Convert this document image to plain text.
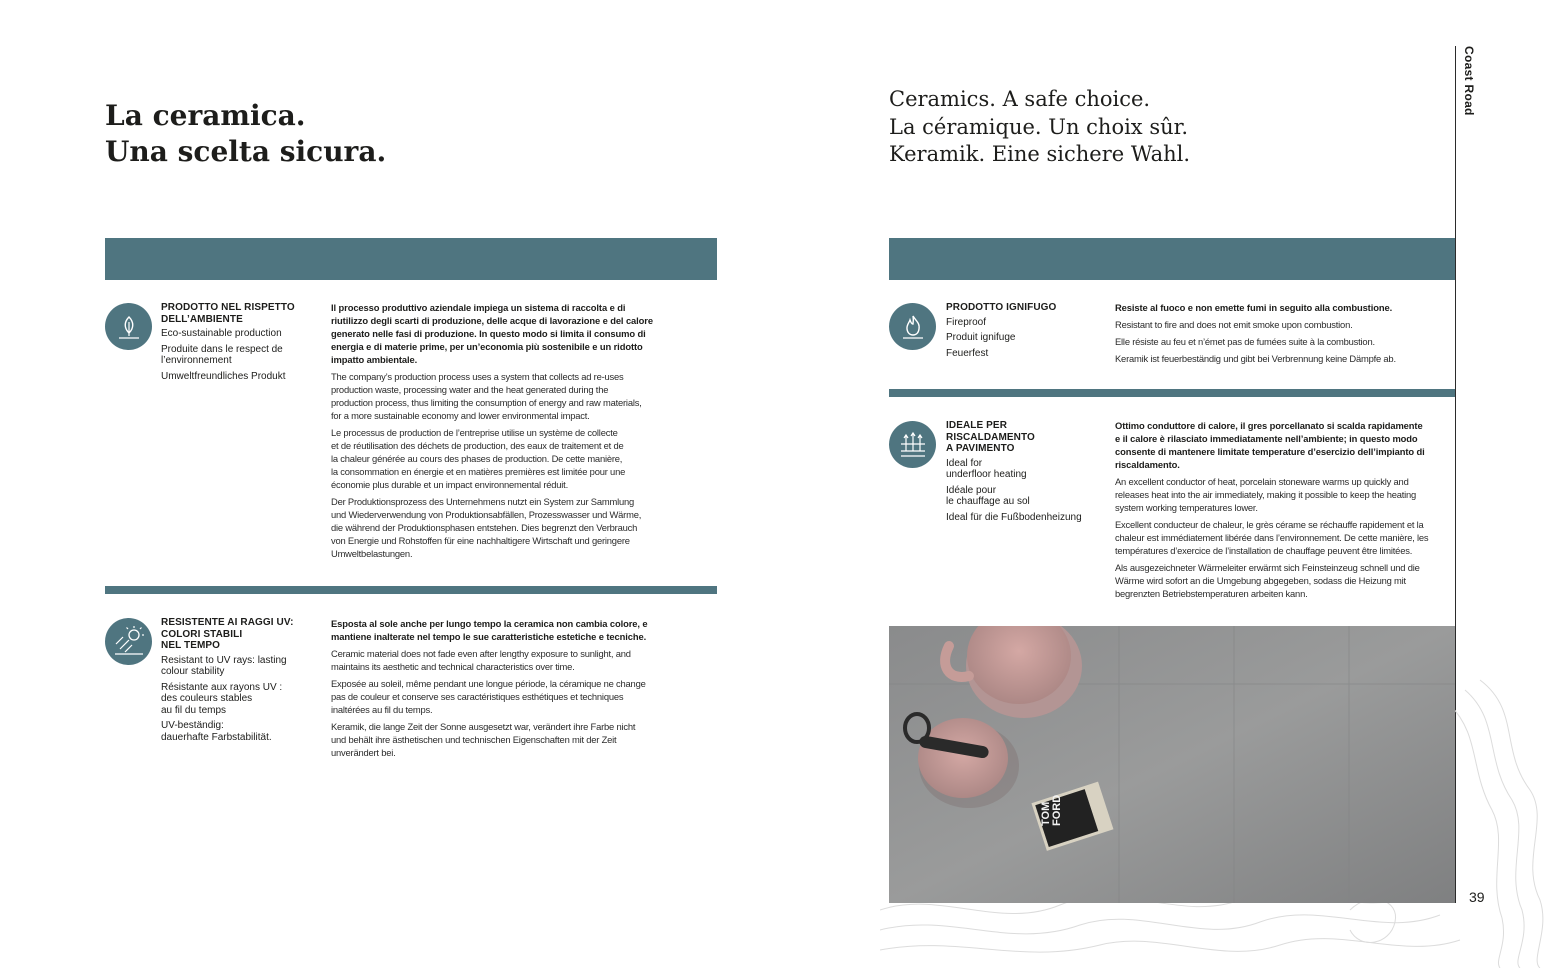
La ceramica.
Una scelta sicura.
Ceramics. A safe choice.
La céramique. Un choix sûr.
Keramik. Eine sichere Wahl.
Coast Road
PRODOTTO NEL RISPETTO
DELL’AMBIENTE
Eco-sustainable production
Produite dans le respect de
l’environnement
Umweltfreundliches Produkt

Il processo produttivo aziendale impiega un sistema di raccolta e di
riutilizzo degli scarti di produzione, delle acque di lavorazione e del calore
generato nelle fasi di produzione. In questo modo si limita il consumo di
energia e di materie prime, per un’economia più sostenibile e un ridotto
impatto ambientale.

The company’s production process uses a system that collects ad re-uses
production waste, processing water and the heat generated during the
production process, thus limiting the consumption of energy and raw materials,
for a more sustainable economy and lower environmental impact.

Le processus de production de l’entreprise utilise un système de collecte
et de réutilisation des déchets de production, des eaux de traitement et de
la chaleur générée au cours des phases de production. De cette manière,
la consommation en énergie et en matières premières est limitée pour une
économie plus durable et un impact environnemental réduit.

Der Produktionsprozess des Unternehmens nutzt ein System zur Sammlung
und Wiederverwendung von Produktionsabfällen, Prozesswasser und Wärme,
die während der Produktionsphasen entstehen. Dies begrenzt den Verbrauch
von Energie und Rohstoffen für eine nachhaltigere Wirtschaft und geringere
Umweltbelastungen.

RESISTENTE AI RAGGI UV:
COLORI STABILI
NEL TEMPO
Resistant to UV rays: lasting
colour stability
Résistante aux rayons UV :
des couleurs stables
au fil du temps
UV-beständig:
dauerhafte Farbstabilität.

Esposta al sole anche per lungo tempo la ceramica non cambia colore, e
mantiene inalterate nel tempo le sue caratteristiche estetiche e tecniche.

Ceramic material does not fade even after lengthy exposure to sunlight, and
maintains its aesthetic and technical characteristics over time.

Exposée au soleil, même pendant une longue période, la céramique ne change
pas de couleur et conserve ses caractéristiques esthétiques et techniques
inaltérées au fil du temps.

Keramik, die lange Zeit der Sonne ausgesetzt war, verändert ihre Farbe nicht
und behält ihre ästhetischen und technischen Eigenschaften mit der Zeit
unverändert bei.

PRODOTTO IGNIFUGO
Fireproof
Produit ignifuge
Feuerfest

Resiste al fuoco e non emette fumi in seguito alla combustione.

Resistant to fire and does not emit smoke upon combustion.

Elle résiste au feu et n’émet pas de fumées suite à la combustion.

Keramik ist feuerbeständig und gibt bei Verbrennung keine Dämpfe ab.

IDEALE PER
RISCALDAMENTO
A PAVIMENTO
Ideal for
underfloor heating
Idéale pour
le chauffage au sol
Ideal für die Fußbodenheizung

Ottimo conduttore di calore, il gres porcellanato si scalda rapidamente
e il calore è rilasciato immediatamente nell’ambiente; in questo modo
consente di mantenere limitate temperature d’esercizio dell’impianto di
riscaldamento.

An excellent conductor of heat, porcelain stoneware warms up quickly and
releases heat into the air immediately, making it possible to keep the heating
system working temperatures lower.

Excellent conducteur de chaleur, le grès cérame se réchauffe rapidement et la
chaleur est immédiatement libérée dans l’environnement. De cette manière, les
températures d’exercice de l’installation de chauffage peuvent être limitées.

Als ausgezeichneter Wärmeleiter erwärmt sich Feinsteinzeug schnell und die
Wärme wird sofort an die Umgebung abgegeben, sodass die Heizung mit
begrenzten Betriebstemperaturen arbeiten kann.

TOM
FORD
39
